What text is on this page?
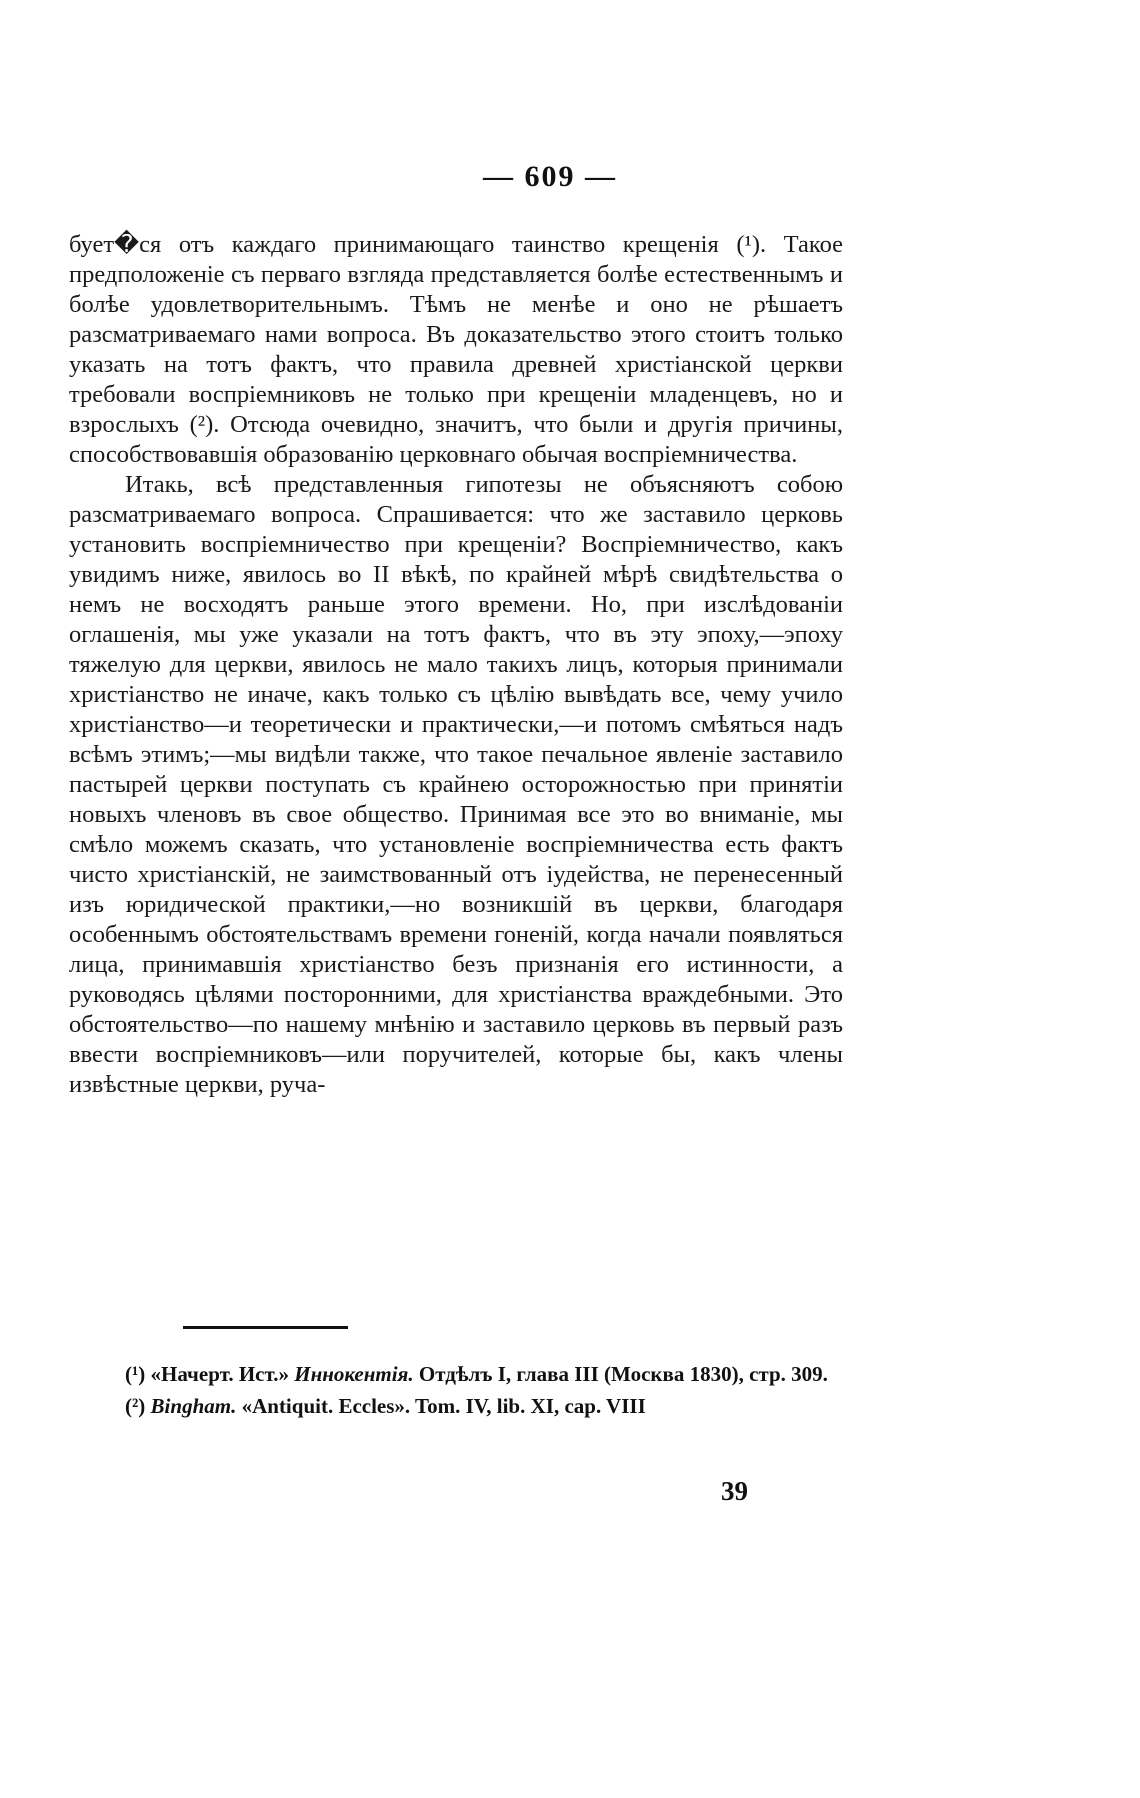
— 609 —

бует�ся отъ каждаго принимающаго таинство крещенія (¹). Такое предположеніе съ перваго взгляда представляется болѣе естественнымъ и болѣе удовлетворительнымъ. Тѣмъ не менѣе и оно не рѣшаетъ разсматриваемаго нами вопроса. Въ доказательство этого стоитъ только указать на тотъ фактъ, что правила древней христіанской церкви требовали воспріемниковъ не только при крещеніи младенцевъ, но и взрослыхъ (²). Отсюда очевидно, значитъ, что были и другія причины, способствовавшія образованію церковнаго обычая воспріемничества.

Итакь, всѣ представленныя гипотезы не объясняютъ собою разсматриваемаго вопроса. Спрашивается: что же заставило церковь установить воспріемничество при крещеніи? Воспріемничество, какъ увидимъ ниже, явилось во II вѣкѣ, по крайней мѣрѣ свидѣтельства о немъ не восходятъ раньше этого времени. Но, при изслѣдованіи оглашенія, мы уже указали на тотъ фактъ, что въ эту эпоху,—эпоху тяжелую для церкви, явилось не мало такихъ лицъ, которыя принимали христіанство не иначе, какъ только съ цѣлію вывѣдать все, чему учило христіанство—и теоретически и практически,—и потомъ смѣяться надъ всѣмъ этимъ;—мы видѣли также, что такое печальное явленіе заставило пастырей церкви поступать съ крайнею осторожностью при принятіи новыхъ членовъ въ свое общество. Принимая все это во вниманіе, мы смѣло можемъ сказать, что установленіе воспріемничества есть фактъ чисто христіанскій, не заимствованный отъ іудейства, не перенесенный изъ юридической практики,—но возникшій въ церкви, благодаря особеннымъ обстоятельствамъ времени гоненій, когда начали появляться лица, принимавшія христіанство безъ признанія его истинности, а руководясь цѣлями посторонними, для христіанства враждебными. Это обстоятельство—по нашему мнѣнію и заставило церковь въ первый разъ ввести воспріемниковъ—или поручителей, которые бы, какъ члены извѣстные церкви, руча-

(¹) «Начерт. Ист.» Иннокентія. Отдѣлъ I, глава III (Москва 1830), стр. 309.

(²) Bingham. «Antiquit. Eccles». Tom. IV, lib. XI, cap. VIII

39
